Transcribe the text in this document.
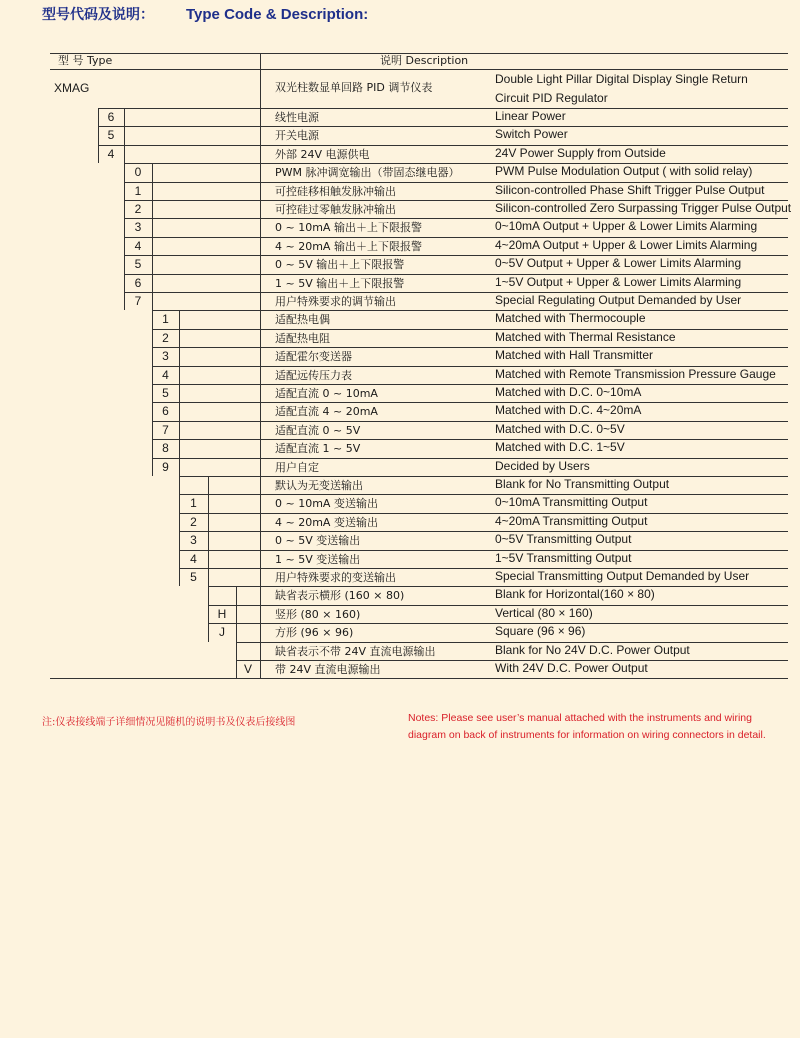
型号代码及说明： Type Code & Description:
型 号 Type	说明 Description
XMAG	双光柱数显单回路 PID 调节仪表
Double Light Pillar Digital Display Single Return
Circuit PID Regulator
6	线性电源	Linear Power
5	开关电源	Switch Power
4	外部 24V 电源供电	24V Power Supply from Outside
0	PWM 脉冲调宽输出（带固态继电器）	PWM Pulse Modulation Output ( with solid relay)
1	可控硅移相触发脉冲输出	Silicon-controlled Phase Shift Trigger Pulse Output
2	可控硅过零触发脉冲输出	Silicon-controlled Zero Surpassing Trigger Pulse Output
3	0 ~ 10mA 输出＋上下限报警	0~10mA Output + Upper & Lower Limits Alarming
4	4 ~ 20mA 输出＋上下限报警	4~20mA Output + Upper & Lower Limits Alarming
5	0 ~ 5V 输出＋上下限报警	0~5V Output + Upper & Lower Limits Alarming
6	1 ~ 5V 输出＋上下限报警	1~5V Output + Upper & Lower Limits Alarming
7	用户特殊要求的调节输出	Special Regulating Output Demanded by User
1	适配热电偶	Matched with Thermocouple
2	适配热电阻	Matched with Thermal Resistance
3	适配霍尔变送器	Matched with Hall Transmitter
4	适配远传压力表	Matched with Remote Transmission Pressure Gauge
5	适配直流 0 ~ 10mA	Matched with D.C. 0~10mA
6	适配直流 4 ~ 20mA	Matched with D.C. 4~20mA
7	适配直流 0 ~ 5V	Matched with D.C. 0~5V
8	适配直流 1 ~ 5V	Matched with D.C. 1~5V
9	用户自定	Decided by Users
默认为无变送输出	Blank for No Transmitting Output
1	0 ~ 10mA 变送输出	0~10mA Transmitting Output
2	4 ~ 20mA 变送输出	4~20mA Transmitting Output
3	0 ~ 5V 变送输出	0~5V Transmitting Output
4	1 ~ 5V 变送输出	1~5V Transmitting Output
5	用户特殊要求的变送输出	Special Transmitting Output Demanded by User
缺省表示横形 (160 × 80)	Blank for Horizontal(160 × 80)
H	竖形 (80 × 160)	Vertical (80 × 160)
J	方形 (96 × 96)	Square (96 × 96)
缺省表示不带 24V 直流电源输出	Blank for No 24V D.C. Power Output
V	带 24V 直流电源输出	With 24V D.C. Power Output
注:仪表接线端子详细情况见随机的说明书及仪表后接线图	Notes: Please see user’s manual attached with the instruments and wiring
diagram on back of instruments for information on wiring connectors in detail.
